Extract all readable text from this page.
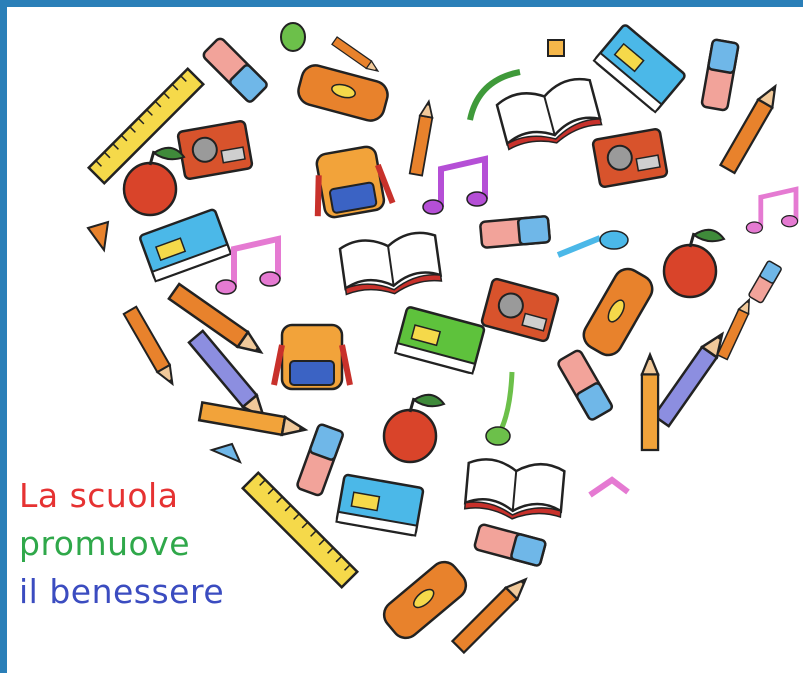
La scuola
promuove
il benessere
